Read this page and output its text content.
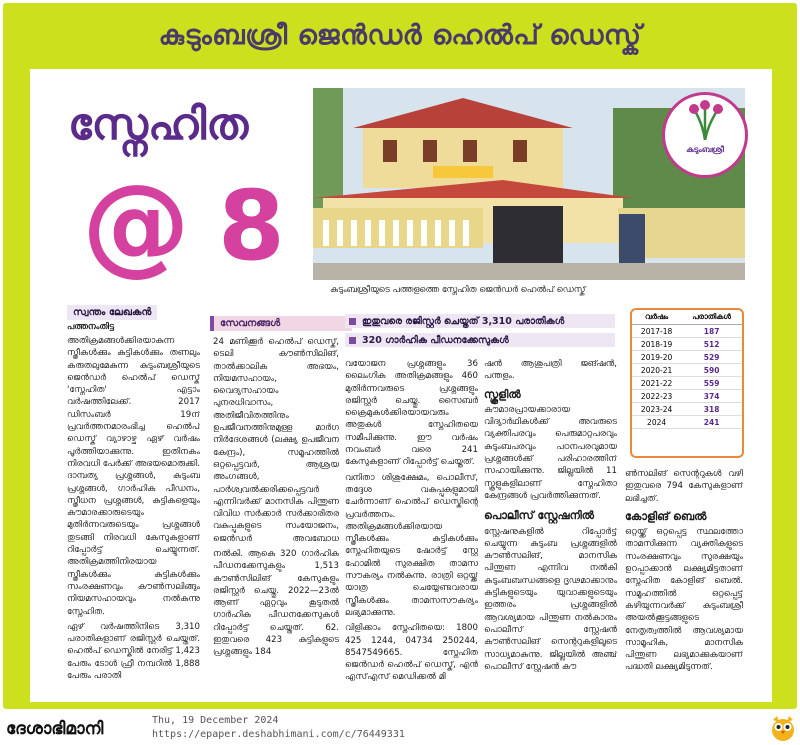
കുടുംബശ്രീ ജെൻഡർ ഹെൽപ് ഡെസ്ക്
സ്നേഹിത
@ 8
കുടുംബശ്രീയുടെ പത്തളത്തെ സ്നേഹിത ജെൻഡർ ഹെൽപ് ഡെസ്ക്
കുടുംബശ്രീ
സ്വന്തം ലേഖകൻ
പത്തനംതിട്ട

അതിക്രമങ്ങൾക്കിരയാകുന്ന സ്ത്രീകൾക്കും കുട്ടികൾക്കും തണലും കരുതലുമേകുന്ന കുടുംബശ്രീയുടെ ജെൻഡർ ഹെൽപ് ഡെസ്ക് 'സ്നേഹിത' എട്ടാം വർഷത്തിലേക്ക്. 2017 ഡിസംബർ 19ന് പ്രവർത്തനമാരംഭിച്ച ഹെൽപ് ഡെസ്ക് വ്യാഴാഴ്ച ഏഴ് വർഷം പൂർത്തിയാക്കുന്നു. ഇതിനകം നിരവധി പേർക്ക് അഭയമൊരുക്കി. ദാമ്പത്യ പ്രശ്നങ്ങൾ, കുടുംബ പ്രശ്നങ്ങൾ, ഗാർഹിക പീഡനം, സ്ത്രീധന പ്രശ്നങ്ങൾ, കുട്ടികളെയും കൗമാരക്കാരുടെയും മുതിർന്നവരുടെയും പ്രശ്നങ്ങൾ തുടങ്ങി നിരവധി കേസുകളാണ് റിപ്പോർട്ട് ചെയ്യുന്നത്. അതിക്രമത്തിനിരയായ സ്ത്രീകൾക്കും കുട്ടികൾക്കും സംരക്ഷണവും കൗൺസലിങ്ങും നിയമസഹായവും നൽകുന്നു സ്നേഹിത.

ഏഴ് വർഷത്തിനിടെ 3,310 പരാതികളാണ് രജിസ്റ്റർ ചെയ്തത്. ഹെൽപ് ഡെസ്കിൽ നേരിട്ട് 1,423 പേരും ടോൾ ഫ്രീ നമ്പറിൽ 1,888 പേരും പരാതി

സേവനങ്ങൾ

24 മണിക്കൂർ ഹെൽപ് ഡെസ്ക്, ടെലി കൗൺസിലിങ്, താൽക്കാലിക അഭയം, നിയമസഹായം, വൈദ്യസഹായം പുനരധിവാസം, അതിജീവിതത്തിനും ഉപജീവനത്തിനുമുള്ള മാർഗ നിർദേശങ്ങൾ (ലക്ഷ്യ ഉപജീവന കേന്ദ്രം), സമൂഹത്തിൽ ഒറ്റപ്പെട്ടവർ, ആശ്രയ അംഗങ്ങൾ, പാർശ്വവൽക്കരിക്കപ്പെട്ടവർ എന്നിവർക്ക് മാനസിക പിന്തുണ വിവിധ സർക്കാർ സർക്കാരിതര വകുപ്പുകളുടെ സംയോജനം, ജെൻഡർ അവബോധ

നൽകി. ആകെ 320 ഗാർഹിക പീഡനക്കേസുകളും 1,513 കൗൺസിലിങ് കേസുകളും രജിസ്റ്റർ ചെയ്തു. 2022—23ൽ ആണ് ഏറ്റവും കൂടുതൽ ഗാർഹിക പീഡനക്കേസുകൾ റിപ്പോർട്ട് ചെയ്തത്. 62. ഇതുവരെ 423 കുട്ടികളുടെ പ്രശ്നങ്ങളും 184

ഇതുവരെ രജിസ്റ്റർ ചെയ്തത് 3,310 പരാതികൾ
320 ഗാർഹിക പീഡനക്കേസുകൾ

വയോജന പ്രശ്നങ്ങളും 36 ലൈംഗിക അതിക്രമങ്ങളും 460 മുതിർന്നവരുടെ പ്രശ്നങ്ങളും രജിസ്റ്റർ ചെയ്തു. സൈബർ ക്രൈമുകൾക്കിരയായവരും അതുകൾ സ്നേഹിതയെ സമീപിക്കുന്നു. ഈ വർഷം നവംബർ വരെ 241 കേസുകളാണ് റിപ്പോർട്ട് ചെയ്തത്.

വനിതാ ശിശുക്ഷേമം, പൊലീസ്, തദ്ദേശ വകുപ്പുകളുമായി ചേർന്നാണ് ഹെൽപ് ഡെസ്കിന്റെ പ്രവർത്തനം. അതിക്രമങ്ങൾക്കിരയായ സ്ത്രീകൾക്കും കുട്ടികൾക്കും സ്നേഹിതയുടെ ഷോർട്ട് സ്റ്റേ ഹോമിൽ സുരക്ഷിത താമസ സൗകര്യം നൽകുന്നു. രാത്രി ഒറ്റയ്ക്ക് യാത്ര ചെയ്യേണ്ടവരായ സ്ത്രീകൾക്കും താമസസൗകര്യം ലഭ്യമാക്കുന്നു.

വിളിക്കാം സ്നേഹിതയെ: 1800 425 1244, 04734 250244, 8547549665. സ്നേഹിത ജെൻഡർ ഹെൽപ് ഡെസ്ക്, എൻ എസ്എസ് മെഡിക്കൽ മി

ഷൻ ആശുപത്രി ജങ്ഷൻ, പന്തളം.

സ്കൂളിൽ

കൗമാരപ്രായക്കാരായ വിദ്യാർഥികൾക്ക് അവരുടെ വ്യക്തിപരവും പെരുമാറ്റപരവും കുടുംബപരവും പഠനപരവുമായ പ്രശ്നങ്ങൾക്ക് പരിഹാരത്തിന് സഹായിക്കുന്നു. ജില്ലയിൽ 11 സ്കൂളുകളിലാണ് സ്നേഹിതാ കേന്ദ്രങ്ങൾ പ്രവർത്തിക്കുന്നത്.

പൊലീസ് സ്റ്റേഷനിൽ

സ്റ്റേഷനുകളിൽ റിപ്പോർട്ട് ചെയ്യുന്ന കുടുംബ പ്രശ്നങ്ങളിൽ കൗൺസലിങ്, മാനസിക പിന്തുണ എന്നിവ നൽകി കുടുംബബന്ധങ്ങളെ ദൃഢമാക്കാനും കുട്ടികളുടെയും യുവാക്കളുടെയും ഇത്തരം പ്രശ്നങ്ങളിൽ ആവശ്യമായ പിന്തുണ നൽകാനും പൊലീസ് സ്റ്റേഷൻ കൗൺസലിങ് സെന്ററുകളിലൂടെ സാധ്യമാകുന്നു. ജില്ലയിൽ അഞ്ച് പൊലീസ് സ്റ്റേഷൻ കൗ

വർഷം	പരാതികൾ
2017-18	187
2018-19	512
2019-20	529
2020-21	590
2021-22	559
2022-23	374
2023-24	318
2024	241

ൺസലിങ് സെന്ററുകൾ വഴി ഇതുവരെ 794 കേസുകളാണ് ലഭിച്ചത്.

കോളിങ് ബെൽ

ഒറ്റയ്ക്ക് ഒറ്റപ്പെട്ട സ്ഥലത്തോ താമസിക്കുന്ന വ്യക്തികളുടെ സംരക്ഷണവും സുരക്ഷയും ഉറപ്പാക്കാൻ ലക്ഷ്യമിട്ടതാണ് സ്നേഹിത കോളിങ് ബെൽ. സമൂഹത്തിൽ ഒറ്റപ്പെട്ട് കഴിയുന്നവർക്ക് കുടുംബശ്രീ അയൽക്കൂട്ടങ്ങളുടെ നേതൃത്വത്തിൽ ആവശ്യമായ സാമൂഹിക, മാനസിക പിന്തുണ ലഭ്യമാക്കുകയാണ് പദ്ധതി ലക്ഷ്യമിടുന്നത്.

ദേശാഭിമാനി	Thu, 19 December 2024
https://epaper.deshabhimani.com/c/76449331
